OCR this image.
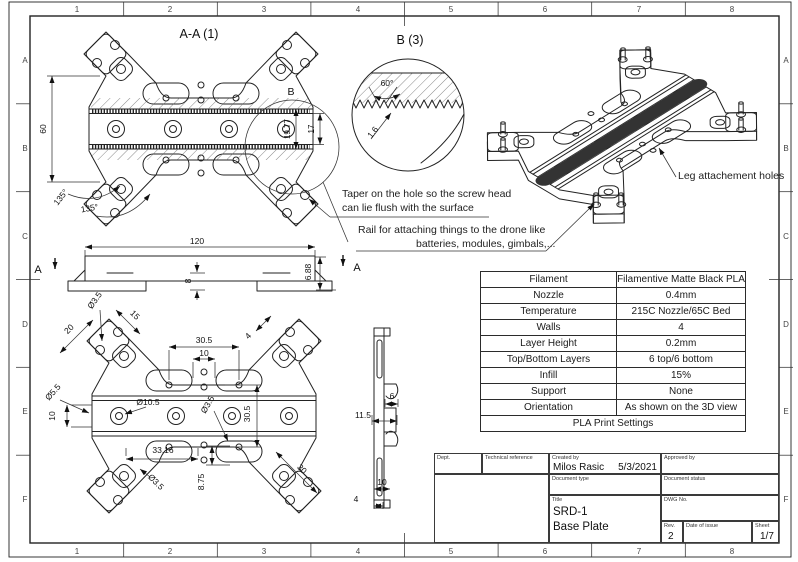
1	2	3	4	5	6	7	8
1	2	3	4	5	6	7	8
A
B
C
D
E
F
A
B
C
D
E
F
A-A (1)
60
135°
135°
B
19.77 17
B (3)
60°
1.6
120
8
6.88
A	A
Ø3.5
20
15
30.5
10
4
10
Ø5.5	Ø10.5	Ø3.5	30.5
33.16
Ø3.5	8.75
30
6
11.5
10
4
Taper on the hole so the screw head
can lie flush with the surface
Rail for attaching things to the drone like
batteries, modules, gimbals,...
Leg attachement holes
Filament	Filamentive Matte Black PLA
Nozzle	0.4mm
Temperature	215C Nozzle/65C Bed
Walls	4
Layer Height	0.2mm
Top/Bottom Layers	6 top/6 bottom
Infill	15%
Support	None
Orientation	As shown on the 3D view
PLA Print Settings	
Dept.	Technical reference	Created by
Milos Rasic 5/3/2021
Approved by
Document type	Document status
Title
SRD-1
Base Plate
DWG No.
Rev.
2
Date of issue	Sheet
1/7
